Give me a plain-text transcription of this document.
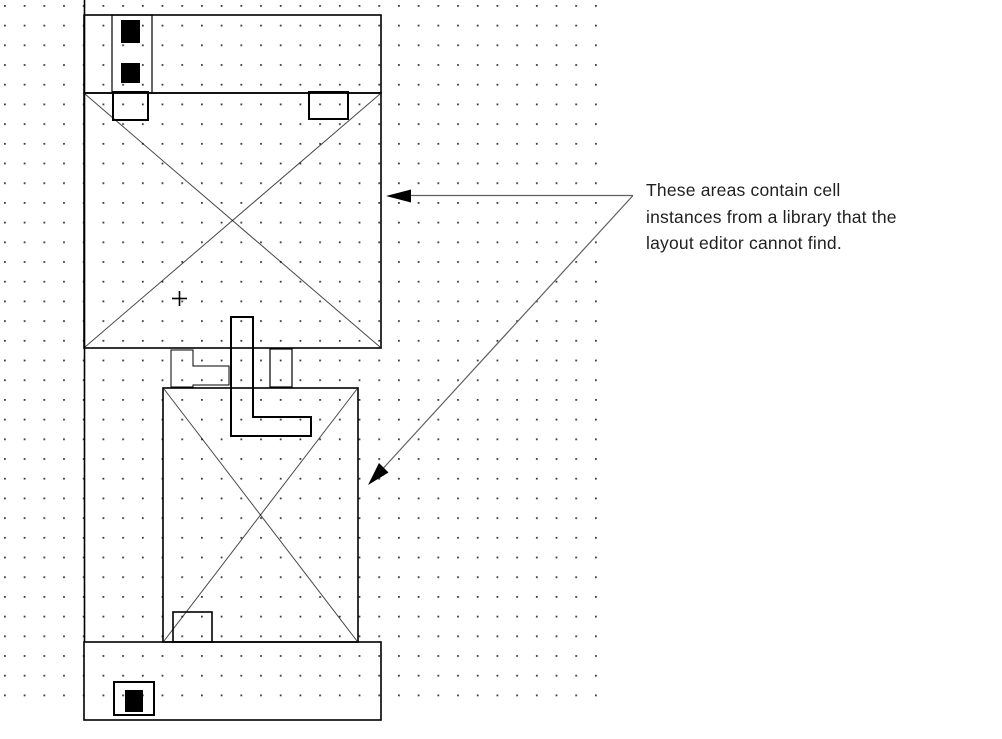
These areas contain cell
instances from a library that the
layout editor cannot find.
